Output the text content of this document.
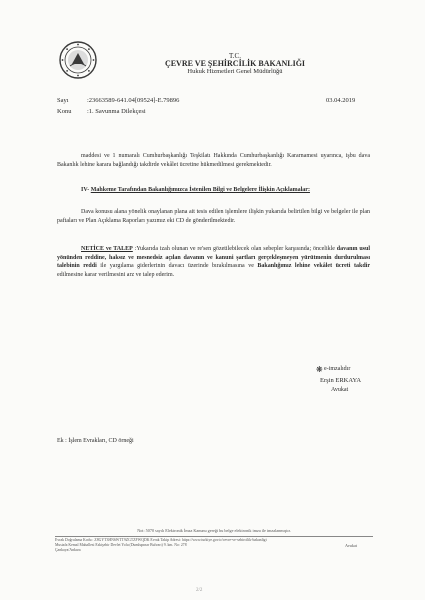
T.C.
ÇEVRE VE ŞEHİRCİLİK BAKANLIĞI
Hukuk Hizmetleri Genel Müdürlüğü
Sayı	:23663589-641.04[09524]-E.79896	03.04.2019
Konu :1. Savunma Dilekçesi

maddesi ve 1 numaralı Cumhurbaşkanlığı Teşkilatı Hakkında Cumhurbaşkanlığı Kararnamesi uyarınca, işbu dava Bakanlık lehine karara bağlandığı takdirde vekâlet ücretine hükmedilmesi gerekmektedir.

IV- Mahkeme Tarafından Bakanlığımızca İstenilen Bilgi ve Belgelere İlişkin Açıklamalar:

Dava konusu alana yönelik onaylanan plana ait tesis edilen işlemlere ilişkin yukarıda belirtilen bilgi ve belgeler ile plan paftaları ve Plan Açıklama Raporları yazımız eki CD de gönderilmektedir.

NETİCE ve TALEP :Yukarıda izah olunan ve re'sen gözetilebilecek olan sebepler karşısında; öncelikle davanın usul yönünden reddine, haksız ve mesnedsiz açılan davanın ve kanuni şartları gerçekleşmeyen yürütmenin durdurulması talebinin reddi ile yargılama giderlerinin davacı üzerinde bırakılmasına ve Bakanlığımız lehine vekâlet ücreti takdir edilmesine karar verilmesini arz ve talep ederim.

❋ e-imzalıdır
Erşin ERKAYA
Avukat
Ek : İşlem Evrakları, CD örneği
Not: 5070 sayılı Elektronik İmza Kanunu gereği bu belge elektronik imza ile imzalanmıştır.
Evrak Doğrulama Kodu : Z8GYT3HN6WTT9ZGTZFWQDK Evrak Takip Adresi: https://www.turkiye.gov.tr/cevre-ve-sehircilik-bakanligi
Mustafa Kemal Mahallesi Eskişehir Devlet Yolu (Dumlupınar Bulvarı) 9. km. No: 278
Çankaya/Ankara
Avukat
2/2
